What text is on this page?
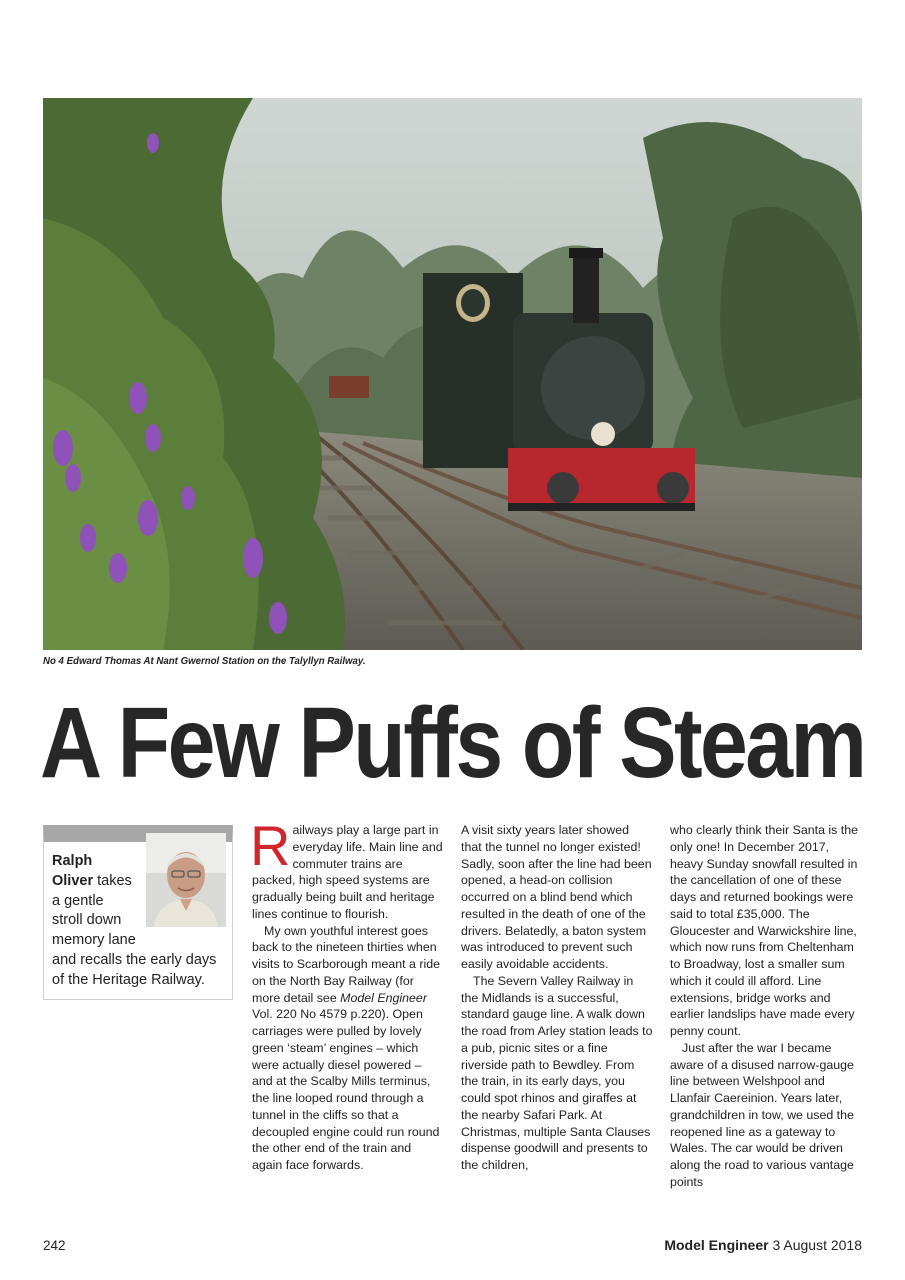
No 4 Edward Thomas At Nant Gwernol Station on the Talyllyn Railway.
A Few Puffs of Steam
Ralph
Oliver takes
a gentle
stroll down
memory lane
and recalls the early days
of the Heritage Railway.

Railways play a large part in everyday life. Main line and commuter trains are packed, high speed systems are gradually being built and heritage lines continue to flourish.

My own youthful interest goes back to the nineteen thirties when visits to Scarborough meant a ride on the North Bay Railway (for more detail see Model Engineer Vol. 220 No 4579 p.220). Open carriages were pulled by lovely green ‘steam’ engines – which were actually diesel powered – and at the Scalby Mills terminus, the line looped round through a tunnel in the cliffs so that a decoupled engine could run round the other end of the train and again face forwards.

A visit sixty years later showed that the tunnel no longer existed! Sadly, soon after the line had been opened, a head-on collision occurred on a blind bend which resulted in the death of one of the drivers. Belatedly, a baton system was introduced to prevent such easily avoidable accidents.

The Severn Valley Railway in the Midlands is a successful, standard gauge line. A walk down the road from Arley station leads to a pub, picnic sites or a fine riverside path to Bewdley. From the train, in its early days, you could spot rhinos and giraffes at the nearby Safari Park. At Christmas, multiple Santa Clauses dispense goodwill and presents to the children,

who clearly think their Santa is the only one! In December 2017, heavy Sunday snowfall resulted in the cancellation of one of these days and returned bookings were said to total £35,000. The Gloucester and Warwickshire line, which now runs from Cheltenham to Broadway, lost a smaller sum which it could ill afford. Line extensions, bridge works and earlier landslips have made every penny count.

Just after the war I became aware of a disused narrow-gauge line between Welshpool and Llanfair Caereinion. Years later, grandchildren in tow, we used the reopened line as a gateway to Wales. The car would be driven along the road to various vantage points

242	Model Engineer 3 August 2018
